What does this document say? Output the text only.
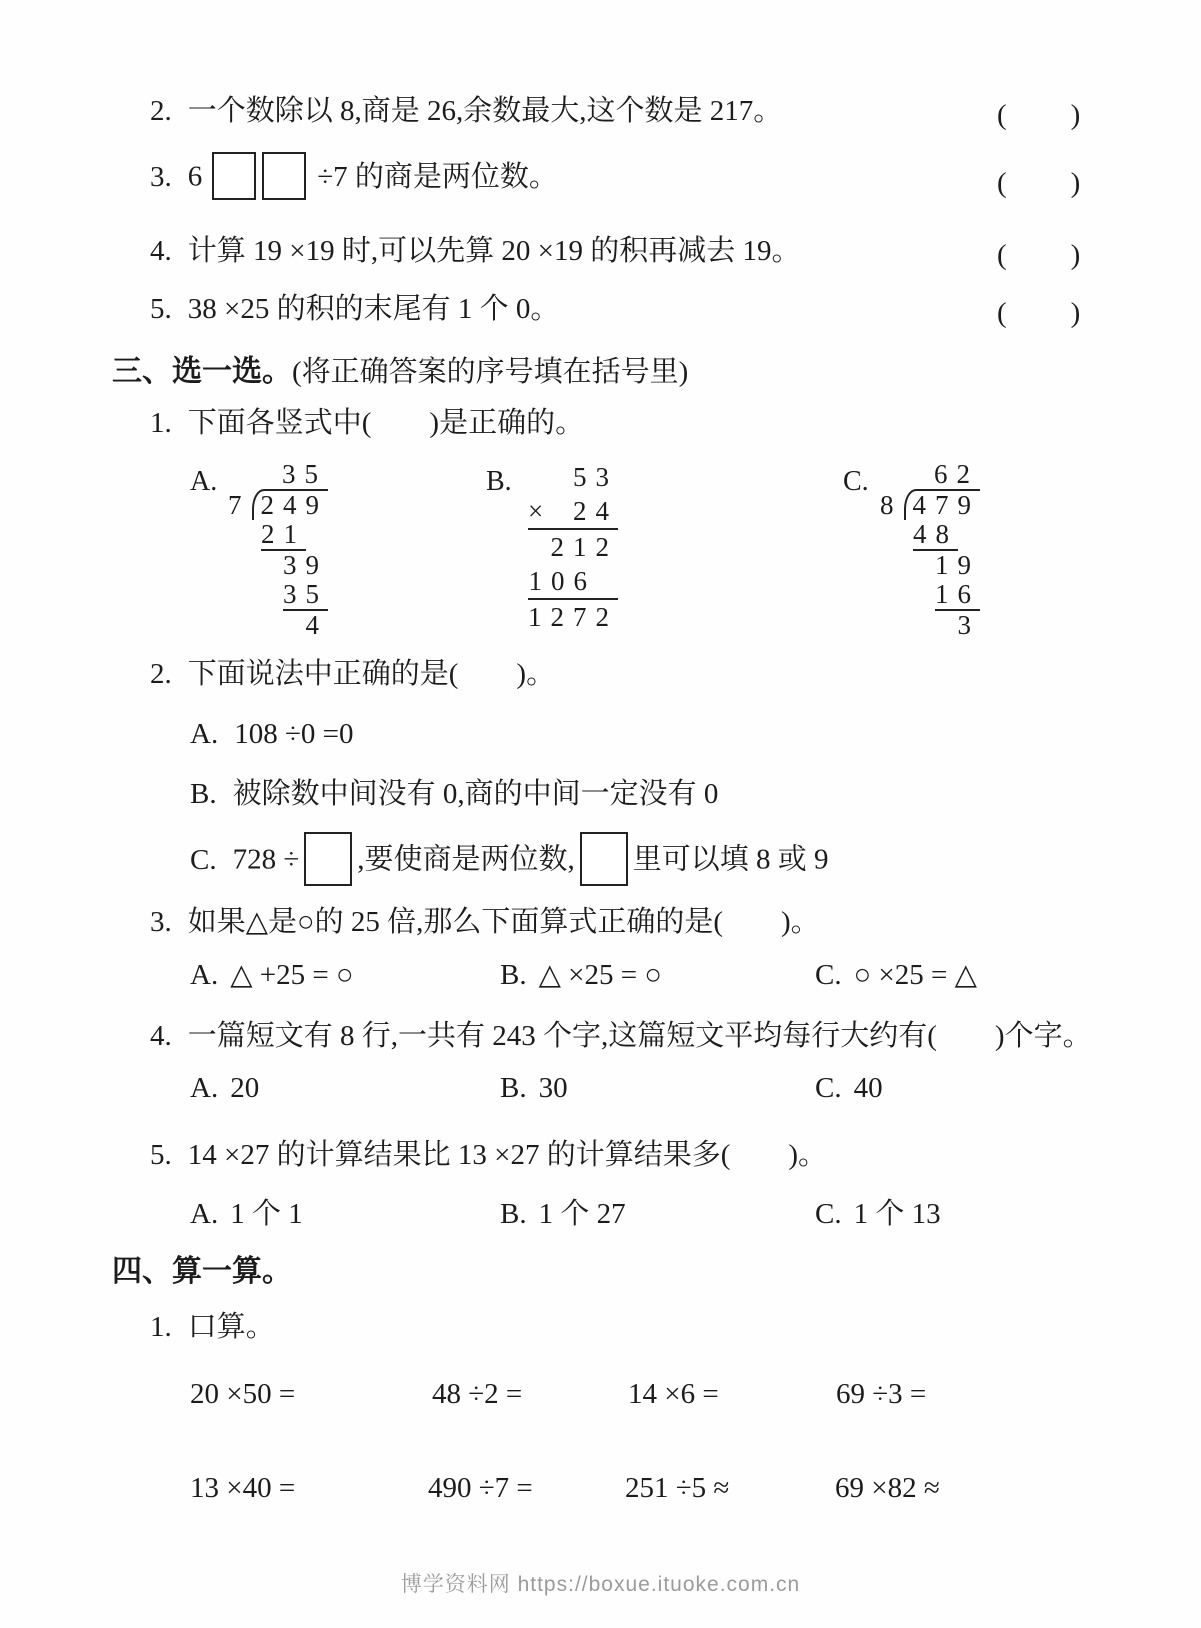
2. 一个数除以 8,商是 26,余数最大,这个数是 217。	(　　)
3. 6	÷7 的商是两位数。	(　　)
4. 计算 19 ×19 时,可以先算 20 ×19 的积再减去 19。	(　　)
5. 38 ×25 的积的末尾有 1 个 0。	(　　)
三、选一选。(将正确答案的序号填在括号里)
1. 下面各竖式中(　　)是正确的。
A.	35
7 249
21
39
35
4
B.	53
× 24
212
106
1272
C.	62
8 479
48
19
16
3
2. 下面说法中正确的是(　　)。
A. 108 ÷0 =0
B. 被除数中间没有 0,商的中间一定没有 0
C. 728 ÷ ,要使商是两位数, 里可以填 8 或 9
3. 如果△是○的 25 倍,那么下面算式正确的是(　　)。
A. △ +25 = ○	B. △ ×25 = ○	C. ○ ×25 = △
4. 一篇短文有 8 行,一共有 243 个字,这篇短文平均每行大约有(　　)个字。
A. 20	B. 30	C. 40
5. 14 ×27 的计算结果比 13 ×27 的计算结果多(　　)。
A. 1 个 1	B. 1 个 27	C. 1 个 13
四、算一算。
1. 口算。
20 ×50 =	48 ÷2 =	14 ×6 =	69 ÷3 =
13 ×40 =	490 ÷7 =	251 ÷5 ≈	69 ×82 ≈
博学资料网 https://boxue.ituoke.com.cn
